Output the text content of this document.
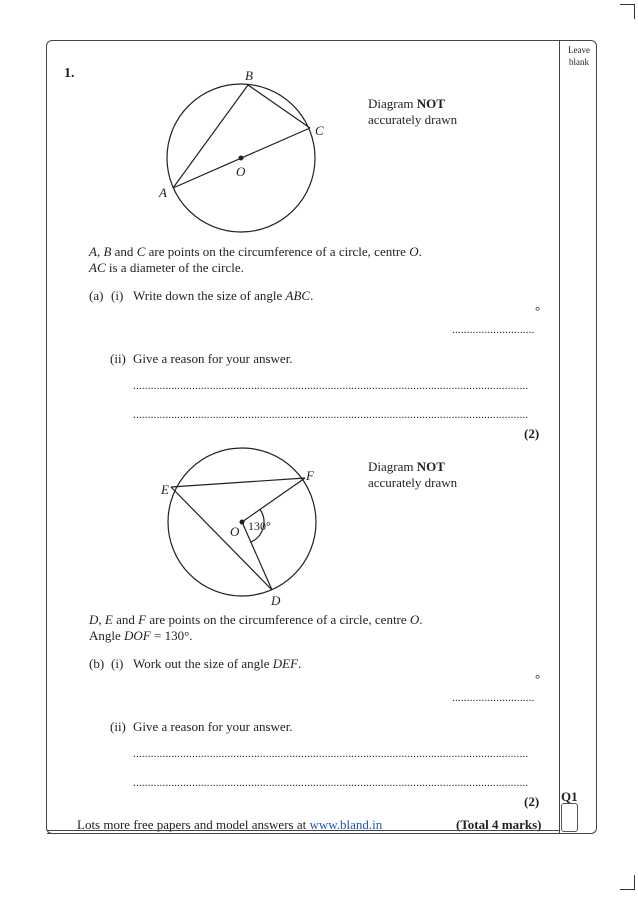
Leave
blank
1.	B
C
O
A
Diagram NOT
accurately drawn
A, B and C are points on the circumference of a circle, centre O.
AC is a diameter of the circle.
(a) (i) Write down the size of angle ABC.
°
............................
(ii) Give a reason for your answer.
......................................................................................................................................
......................................................................................................................................
(2)
F
E
O 130°
D
Diagram NOT
accurately drawn
D, E and F are points on the circumference of a circle, centre O.
Angle DOF = 130°.
(b) (i) Work out the size of angle DEF.
°
............................
(ii) Give a reason for your answer.
......................................................................................................................................
......................................................................................................................................
(2) Q1
Lots more free papers and model answers at www.bland.in	(Total 4 marks)
